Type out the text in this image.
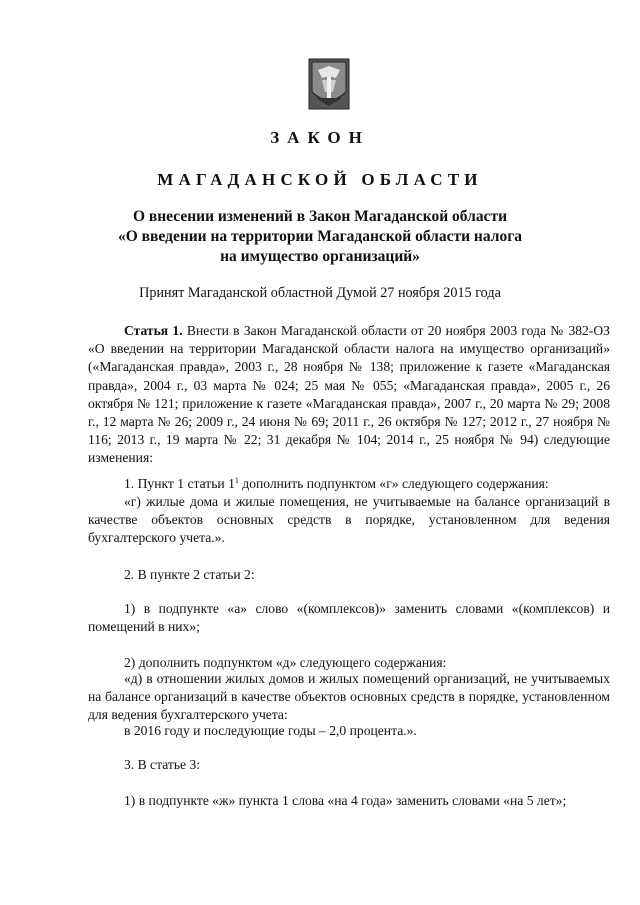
ЗАКОН
МАГАДАНСКОЙ ОБЛАСТИ
О внесении изменений в Закон Магаданской области
«О введении на территории Магаданской области налога
на имущество организаций»
Принят Магаданской областной Думой 27 ноября 2015 года
Статья 1. Внести в Закон Магаданской области от 20 ноября 2003 года № 382-ОЗ «О введении на территории Магаданской области налога на имущество организаций» («Магаданская правда», 2003 г., 28 ноября № 138; приложение к газете «Магаданская правда», 2004 г., 03 марта № 024; 25 мая № 055; «Магаданская правда», 2005 г., 26 октября № 121; приложение к газете «Магаданская правда», 2007 г., 20 марта № 29; 2008 г., 12 марта № 26; 2009 г., 24 июня № 69; 2011 г., 26 октября № 127; 2012 г., 27 ноября № 116; 2013 г., 19 марта № 22; 31 декабря № 104; 2014 г., 25 ноября № 94) следующие изменения:
1. Пункт 1 статьи $1^1$ дополнить подпунктом «г» следующего содержания:
«г) жилые дома и жилые помещения, не учитываемые на балансе организаций в качестве объектов основных средств в порядке, установленном для ведения бухгалтерского учета.».
2. В пункте 2 статьи 2:
1) в подпункте «а» слово «(комплексов)» заменить словами «(комплексов) и помещений в них»;
2) дополнить подпунктом «д» следующего содержания:
«д) в отношении жилых домов и жилых помещений организаций, не учитываемых на балансе организаций в качестве объектов основных средств в порядке, установленном для ведения бухгалтерского учета:
в 2016 году и последующие годы – 2,0 процента.».
3. В статье 3:
1) в подпункте «ж» пункта 1 слова «на 4 года» заменить словами «на 5 лет»;
